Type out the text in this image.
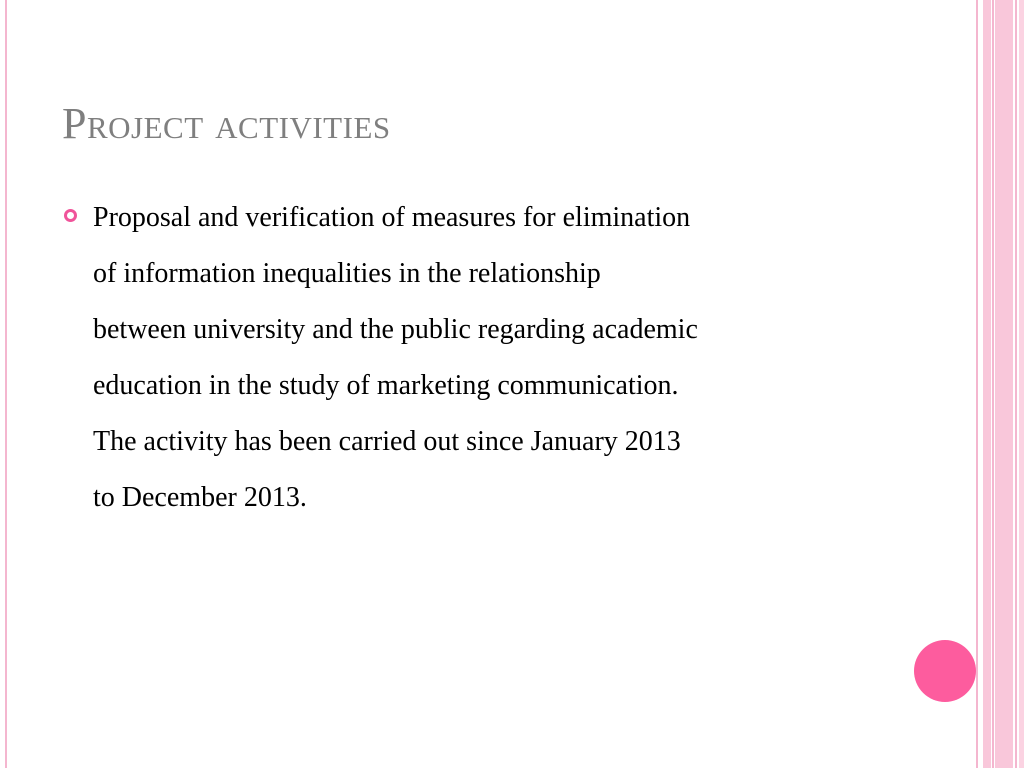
Project activities

Proposal and verification of measures for elimination
of information inequalities in the relationship
between university and the public regarding academic
education in the study of marketing communication.
The activity has been carried out since January 2013
to December 2013.
